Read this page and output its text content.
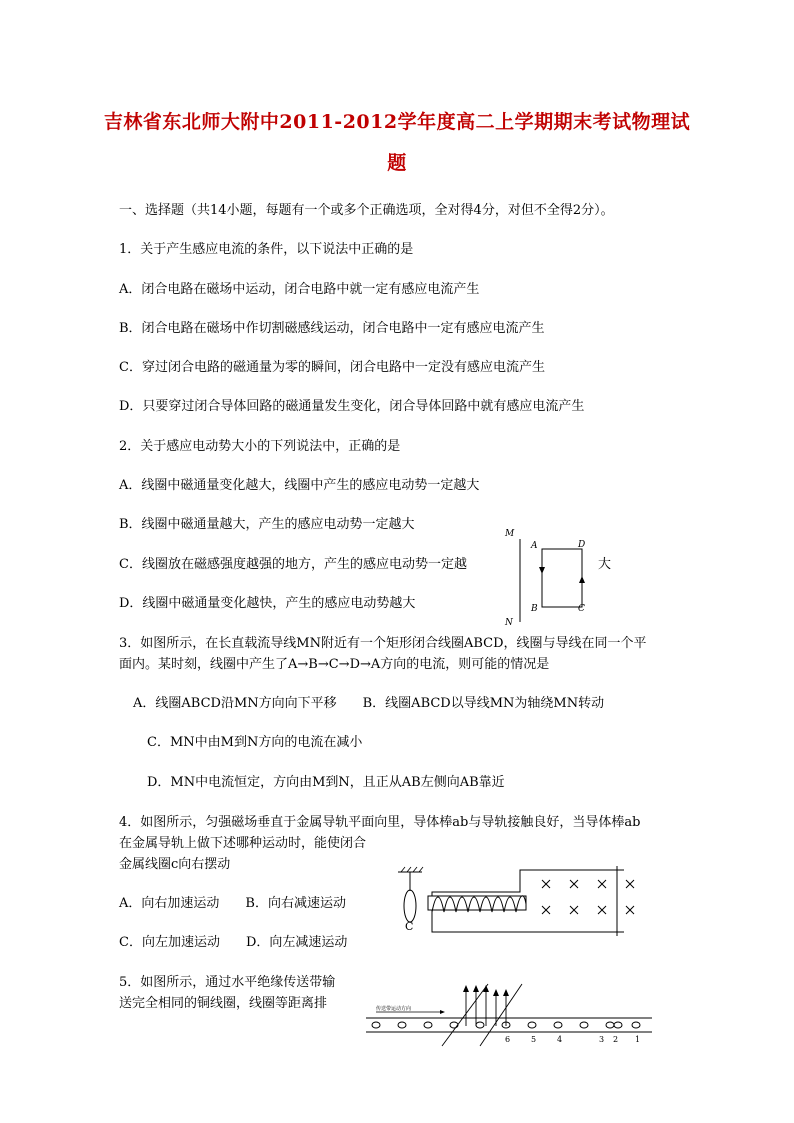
吉林省东北师大附中2011-2012学年度高二上学期期末考试物理试
题
一、选择题（共14小题，每题有一个或多个正确选项，全对得4分，对但不全得2分）。
1．关于产生感应电流的条件，以下说法中正确的是
A．闭合电路在磁场中运动，闭合电路中就一定有感应电流产生
B．闭合电路在磁场中作切割磁感线运动，闭合电路中一定有感应电流产生
C．穿过闭合电路的磁通量为零的瞬间，闭合电路中一定没有感应电流产生
D．只要穿过闭合导体回路的磁通量发生变化，闭合导体回路中就有感应电流产生
2．关于感应电动势大小的下列说法中，正确的是
A．线圈中磁通量变化越大，线圈中产生的感应电动势一定越大
B．线圈中磁通量越大，产生的感应电动势一定越大
C．线圈放在磁感强度越强的地方，产生的感应电动势一定越	大
D．线圈中磁通量变化越快，产生的感应电动势越大
M
N
A	D
B	C
3．如图所示，在长直载流导线MN附近有一个矩形闭合线圈ABCD，线圈与导线在同一个平
面内。某时刻，线圈中产生了A→B→C→D→A方向的电流，则可能的情况是
A．线圈ABCD沿MN方向向下平移　　B．线圈ABCD以导线MN为轴绕MN转动
C．MN中由M到N方向的电流在减小
D．MN中电流恒定，方向由M到N，且正从AB左侧向AB靠近
4．如图所示，匀强磁场垂直于金属导轨平面向里，导体棒ab与导轨接触良好，当导体棒ab
在金属导轨上做下述哪种运动时，能使闭合
金属线圈c向右摆动
A．向右加速运动　　B．向右减速运动
C．向左加速运动　　D．向左减速运动
C
5．如图所示，通过水平绝缘传送带输
送完全相同的铜线圈，线圈等距离排	传送带运动方向
6	5	4	3 2 1
